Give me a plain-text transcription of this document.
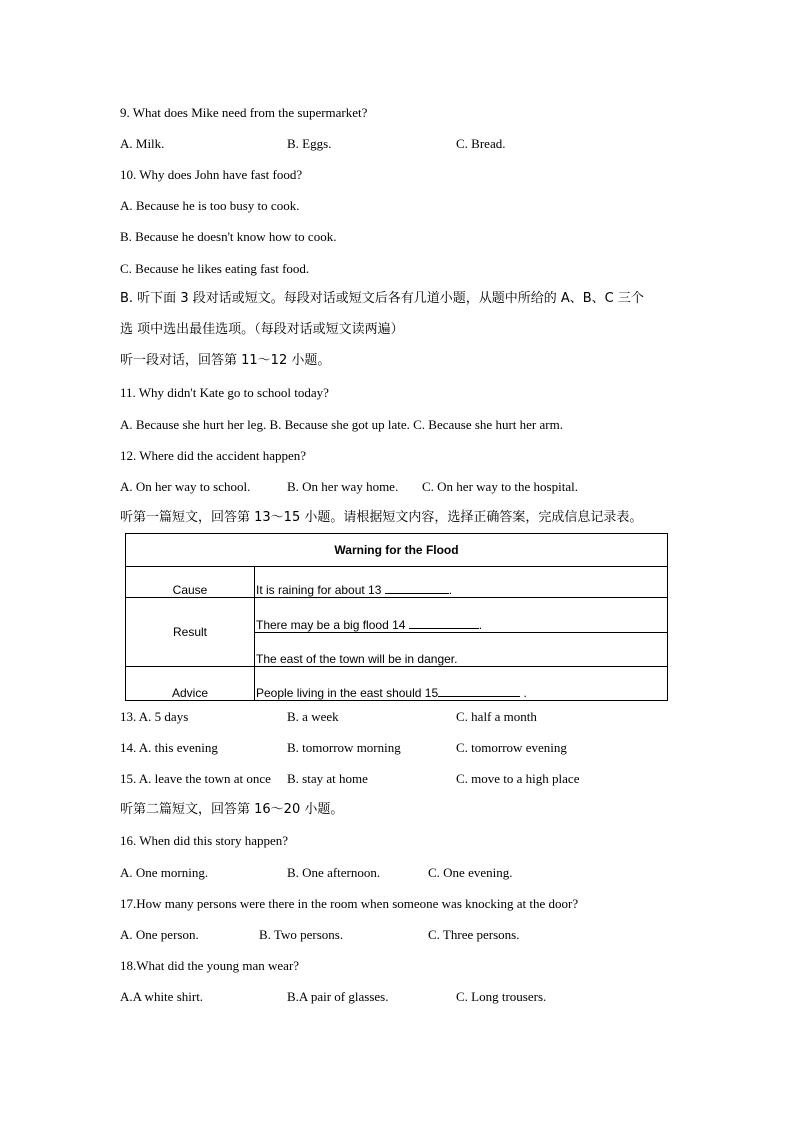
9. What does Mike need from the supermarket?
A. Milk.	B. Eggs.	C. Bread.
10. Why does John have fast food?
A. Because he is too busy to cook.
B. Because he doesn't know how to cook.
C. Because he likes eating fast food.
B. 听下面 3 段对话或短文。每段对话或短文后各有几道小题，从题中所给的 A、B、C 三个
选 项中选出最佳选项。（每段对话或短文读两遍）
听一段对话，回答第 11～12 小题。
11. Why didn't Kate go to school today?
A. Because she hurt her leg. B. Because she got up late. C. Because she hurt her arm.
12. Where did the accident happen?
A. On her way to school.	B. On her way home. C. On her way to the hospital.
听第一篇短文，回答第 13～15 小题。请根据短文内容，选择正确答案，完成信息记录表。
Warning for the Flood	
Cause	It is raining for about 13 .
Result	There may be a big flood 14 .
	The east of the town will be in danger.
Advice	People living in the east should 15 .
13. A. 5 days	B. a week	C. half a month
14. A. this evening	B. tomorrow morning	C. tomorrow evening
15. A. leave the town at once B. stay at home	C. move to a high place
听第二篇短文，回答第 16～20 小题。
16. When did this story happen?
A. One morning.	B. One afternoon.	C. One evening.
17.How many persons were there in the room when someone was knocking at the door?
A. One person.	B. Two persons.	C. Three persons.
18.What did the young man wear?
A.A white shirt.	B.A pair of glasses.	C. Long trousers.
